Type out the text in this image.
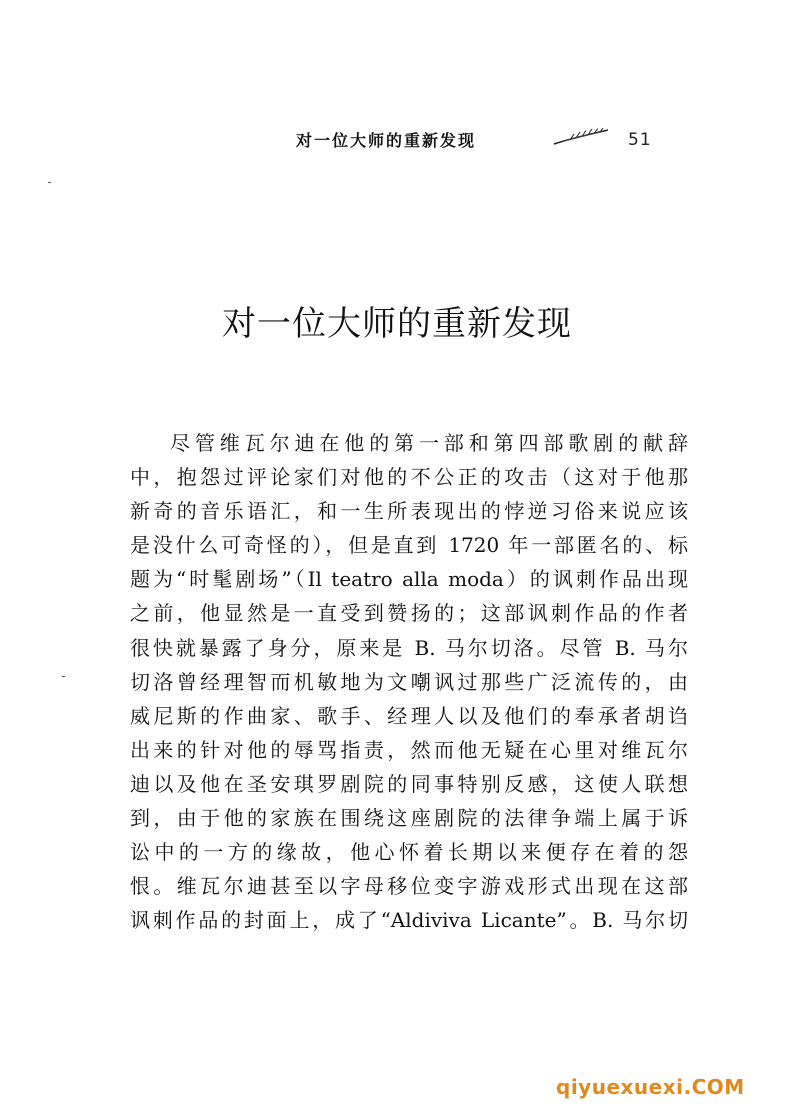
对一位大师的重新发现	51
对一位大师的重新发现
尽管维瓦尔迪在他的第一部和第四部歌剧的献辞
中，抱怨过评论家们对他的不公正的攻击（这对于他那
新奇的音乐语汇，和一生所表现出的悖逆习俗来说应该
是没什么可奇怪的），但是直到 1720 年一部匿名的、标
题为“时髦剧场”（Il teatro alla moda）的讽刺作品出现
之前，他显然是一直受到赞扬的；这部讽刺作品的作者
很快就暴露了身分，原来是 B. 马尔切洛。尽管 B. 马尔
切洛曾经理智而机敏地为文嘲讽过那些广泛流传的，由
威尼斯的作曲家、歌手、经理人以及他们的奉承者胡诌
出来的针对他的辱骂指责，然而他无疑在心里对维瓦尔
迪以及他在圣安琪罗剧院的同事特别反感，这使人联想
到，由于他的家族在围绕这座剧院的法律争端上属于诉
讼中的一方的缘故，他心怀着长期以来便存在着的怨
恨。维瓦尔迪甚至以字母移位变字游戏形式出现在这部
讽刺作品的封面上，成了“Aldiviva Licante”。B. 马尔切
qiyuexuexi.COM
